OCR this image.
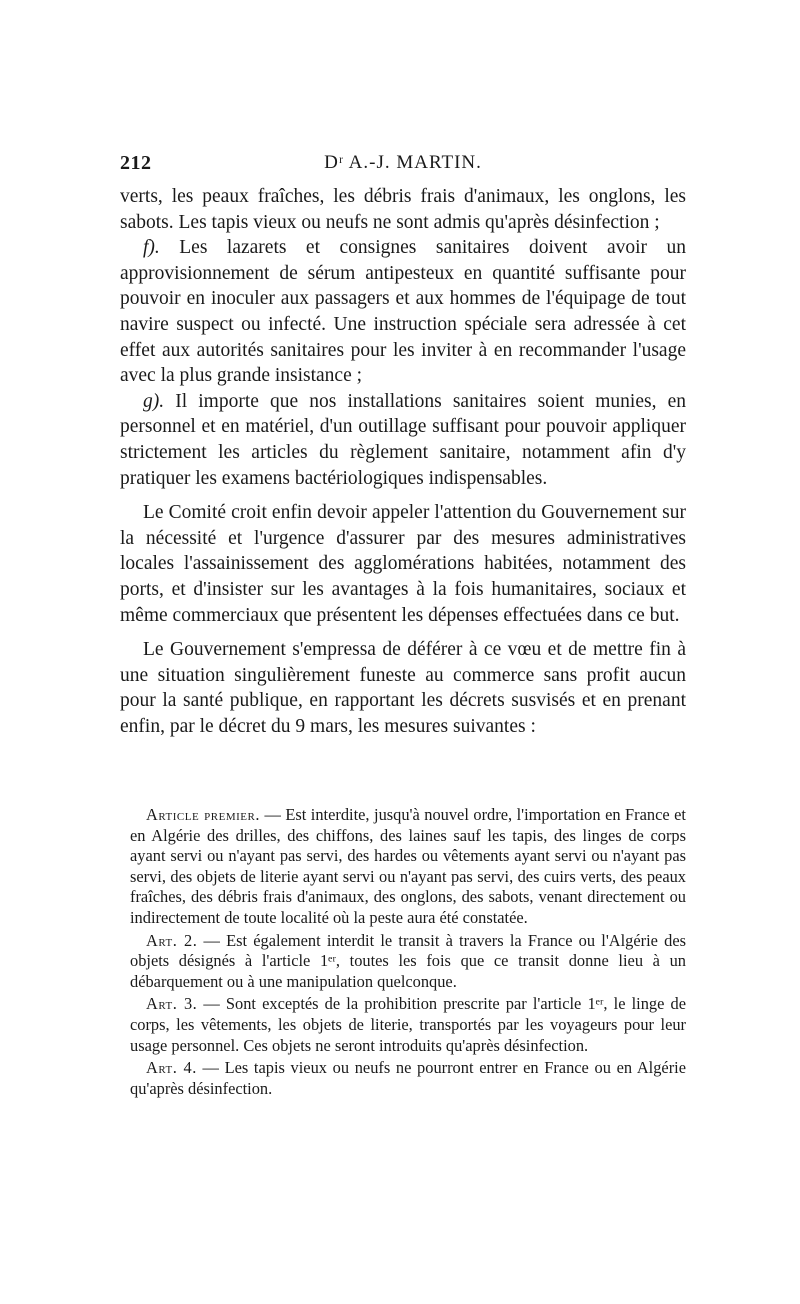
212	Dʳ A.-J. MARTIN.

verts, les peaux fraîches, les débris frais d'animaux, les onglons, les sabots. Les tapis vieux ou neufs ne sont admis qu'après désinfection ;

f). Les lazarets et consignes sanitaires doivent avoir un approvisionnement de sérum antipesteux en quantité suffisante pour pouvoir en inoculer aux passagers et aux hommes de l'équipage de tout navire suspect ou infecté. Une instruction spéciale sera adressée à cet effet aux autorités sanitaires pour les inviter à en recommander l'usage avec la plus grande insistance ;

g). Il importe que nos installations sanitaires soient munies, en personnel et en matériel, d'un outillage suffisant pour pouvoir appliquer strictement les articles du règlement sanitaire, notamment afin d'y pratiquer les examens bactériologiques indispensables.

Le Comité croit enfin devoir appeler l'attention du Gouvernement sur la nécessité et l'urgence d'assurer par des mesures administratives locales l'assainissement des agglomérations habitées, notamment des ports, et d'insister sur les avantages à la fois humanitaires, sociaux et même commerciaux que présentent les dépenses effectuées dans ce but.

Le Gouvernement s'empressa de déférer à ce vœu et de mettre fin à une situation singulièrement funeste au commerce sans profit aucun pour la santé publique, en rapportant les décrets susvisés et en prenant enfin, par le décret du 9 mars, les mesures suivantes :

Article premier. — Est interdite, jusqu'à nouvel ordre, l'importation en France et en Algérie des drilles, des chiffons, des laines sauf les tapis, des linges de corps ayant servi ou n'ayant pas servi, des hardes ou vêtements ayant servi ou n'ayant pas servi, des objets de literie ayant servi ou n'ayant pas servi, des cuirs verts, des peaux fraîches, des débris frais d'animaux, des onglons, des sabots, venant directement ou indirectement de toute localité où la peste aura été constatée.

Art. 2. — Est également interdit le transit à travers la France ou l'Algérie des objets désignés à l'article 1ᵉʳ, toutes les fois que ce transit donne lieu à un débarquement ou à une manipulation quelconque.

Art. 3. — Sont exceptés de la prohibition prescrite par l'article 1ᵉʳ, le linge de corps, les vêtements, les objets de literie, transportés par les voyageurs pour leur usage personnel. Ces objets ne seront introduits qu'après désinfection.

Art. 4. — Les tapis vieux ou neufs ne pourront entrer en France ou en Algérie qu'après désinfection.
